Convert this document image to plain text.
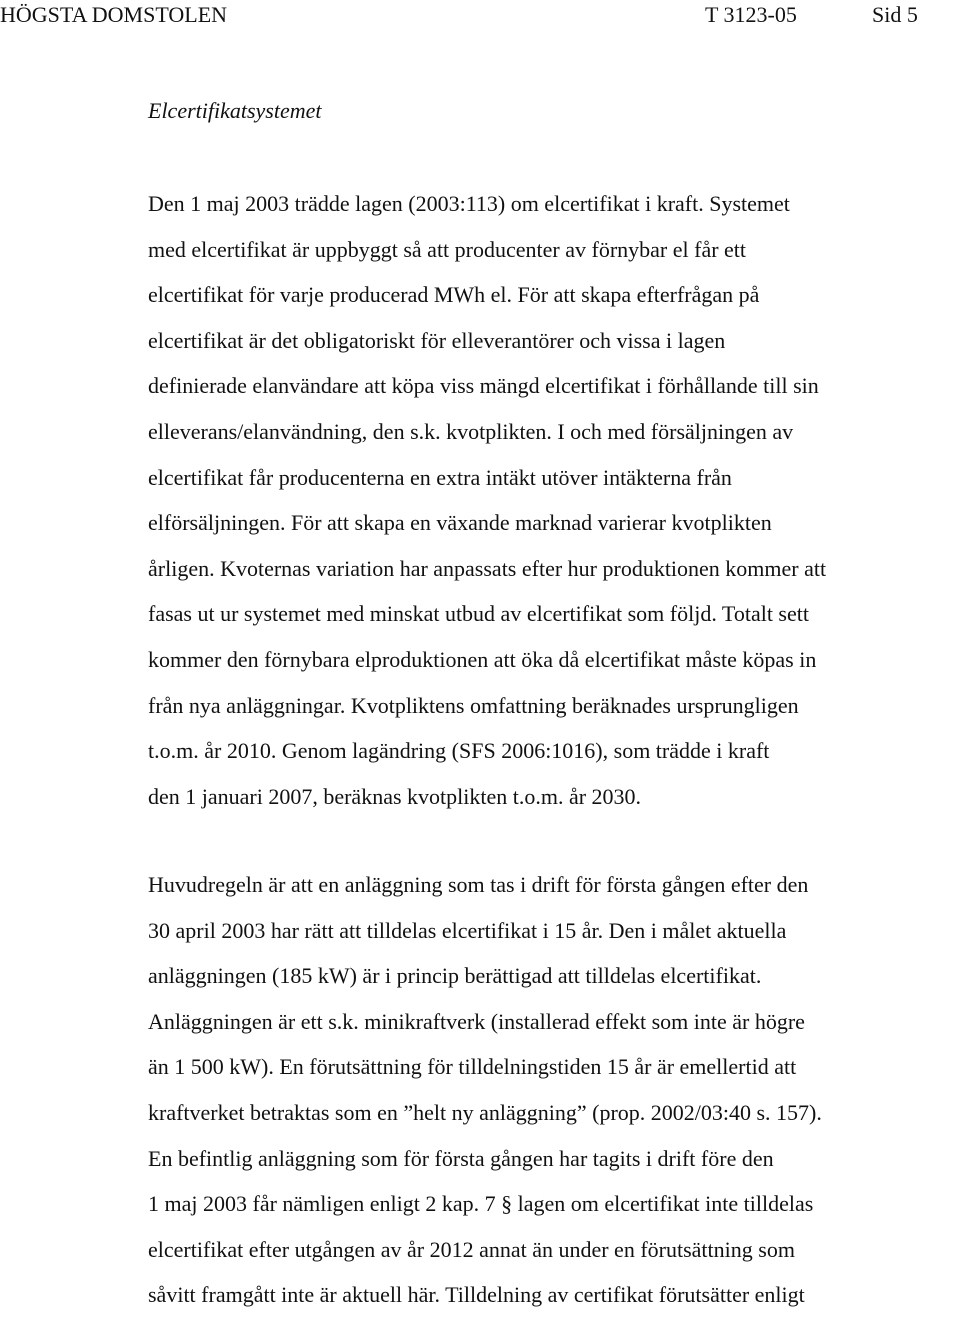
HÖGSTA DOMSTOLEN	T 3123-05	Sid 5
Elcertifikatsystemet
Den 1 maj 2003 trädde lagen (2003:113) om elcertifikat i kraft. Systemet
med elcertifikat är uppbyggt så att producenter av förnybar el får ett
elcertifikat för varje producerad MWh el. För att skapa efterfrågan på
elcertifikat är det obligatoriskt för elleverantörer och vissa i lagen
definierade elanvändare att köpa viss mängd elcertifikat i förhållande till sin
elleverans/elanvändning, den s.k. kvotplikten. I och med försäljningen av
elcertifikat får producenterna en extra intäkt utöver intäkterna från
elförsäljningen. För att skapa en växande marknad varierar kvotplikten
årligen. Kvoternas variation har anpassats efter hur produktionen kommer att
fasas ut ur systemet med minskat utbud av elcertifikat som följd. Totalt sett
kommer den förnybara elproduktionen att öka då elcertifikat måste köpas in
från nya anläggningar. Kvotpliktens omfattning beräknades ursprungligen
t.o.m. år 2010. Genom lagändring (SFS 2006:1016), som trädde i kraft
den 1 januari 2007, beräknas kvotplikten t.o.m. år 2030.
Huvudregeln är att en anläggning som tas i drift för första gången efter den
30 april 2003 har rätt att tilldelas elcertifikat i 15 år. Den i målet aktuella
anläggningen (185 kW) är i princip berättigad att tilldelas elcertifikat.
Anläggningen är ett s.k. minikraftverk (installerad effekt som inte är högre
än 1 500 kW). En förutsättning för tilldelningstiden 15 år är emellertid att
kraftverket betraktas som en ”helt ny anläggning” (prop. 2002/03:40 s. 157).
En befintlig anläggning som för första gången har tagits i drift före den
1 maj 2003 får nämligen enligt 2 kap. 7 § lagen om elcertifikat inte tilldelas
elcertifikat efter utgången av år 2012 annat än under en förutsättning som
såvitt framgått inte är aktuell här. Tilldelning av certifikat förutsätter enligt
